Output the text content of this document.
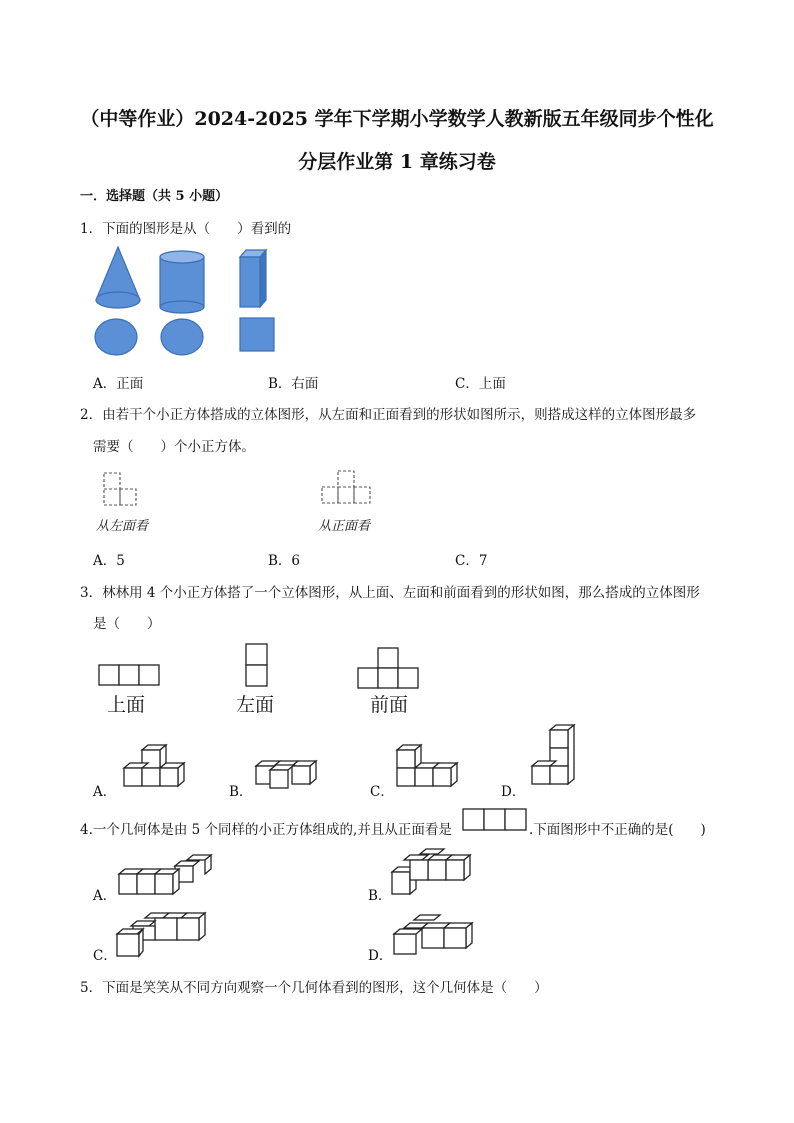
（中等作业）2024-2025 学年下学期小学数学人教新版五年级同步个性化
分层作业第 1 章练习卷
一．选择题（共 5 小题）
1．下面的图形是从（　　）看到的
A．正面	B．右面	C．上面
2．由若干个小正方体搭成的立体图形，从左面和正面看到的形状如图所示，则搭成这样的立体图形最多
需要（　　）个小正方体。
从左面看	从正面看
A．5	B．6	C．7
3．林林用 4 个小正方体搭了一个立体图形，从上面、左面和前面看到的形状如图，那么搭成的立体图形
是（　　）
上面	左面	前面
A．	B．	C．	D．
4.一个几何体是由 5 个同样的小正方体组成的,并且从正面看是	.下面图形中不正确的是(　　)
A．	B．
C．	D．
5．下面是笑笑从不同方向观察一个几何体看到的图形，这个几何体是（　　）
